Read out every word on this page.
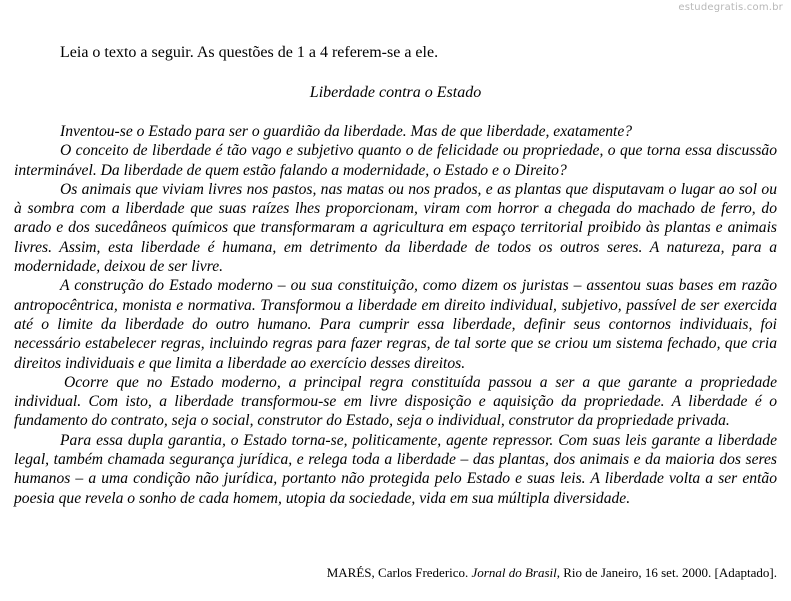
estudegratis.com.br
Leia o texto a seguir. As questões de 1 a 4 referem-se a ele.
Liberdade contra o Estado

Inventou-se o Estado para ser o guardião da liberdade. Mas de que liberdade, exatamente?

O conceito de liberdade é tão vago e subjetivo quanto o de felicidade ou propriedade, o que torna essa discussão interminável. Da liberdade de quem estão falando a modernidade, o Estado e o Direito?

Os animais que viviam livres nos pastos, nas matas ou nos prados, e as plantas que disputavam o lugar ao sol ou à sombra com a liberdade que suas raízes lhes proporcionam, viram com horror a chegada do machado de ferro, do arado e dos sucedâneos químicos que transformaram a agricultura em espaço territorial proibido às plantas e animais livres. Assim, esta liberdade é humana, em detrimento da liberdade de todos os outros seres. A natureza, para a modernidade, deixou de ser livre.

A construção do Estado moderno – ou sua constituição, como dizem os juristas – assentou suas bases em razão antropocêntrica, monista e normativa. Transformou a liberdade em direito individual, subjetivo, passível de ser exercida até o limite da liberdade do outro humano. Para cumprir essa liberdade, definir seus contornos individuais, foi necessário estabelecer regras, incluindo regras para fazer regras, de tal sorte que se criou um sistema fechado, que cria direitos individuais e que limita a liberdade ao exercício desses direitos.

Ocorre que no Estado moderno, a principal regra constituída passou a ser a que garante a propriedade individual. Com isto, a liberdade transformou-se em livre disposição e aquisição da propriedade. A liberdade é o fundamento do contrato, seja o social, construtor do Estado, seja o individual, construtor da propriedade privada.

Para essa dupla garantia, o Estado torna-se, politicamente, agente repressor. Com suas leis garante a liberdade legal, também chamada segurança jurídica, e relega toda a liberdade – das plantas, dos animais e da maioria dos seres humanos – a uma condição não jurídica, portanto não protegida pelo Estado e suas leis. A liberdade volta a ser então poesia que revela o sonho de cada homem, utopia da sociedade, vida em sua múltipla diversidade.

MARÉS, Carlos Frederico. Jornal do Brasil, Rio de Janeiro, 16 set. 2000. [Adaptado].
